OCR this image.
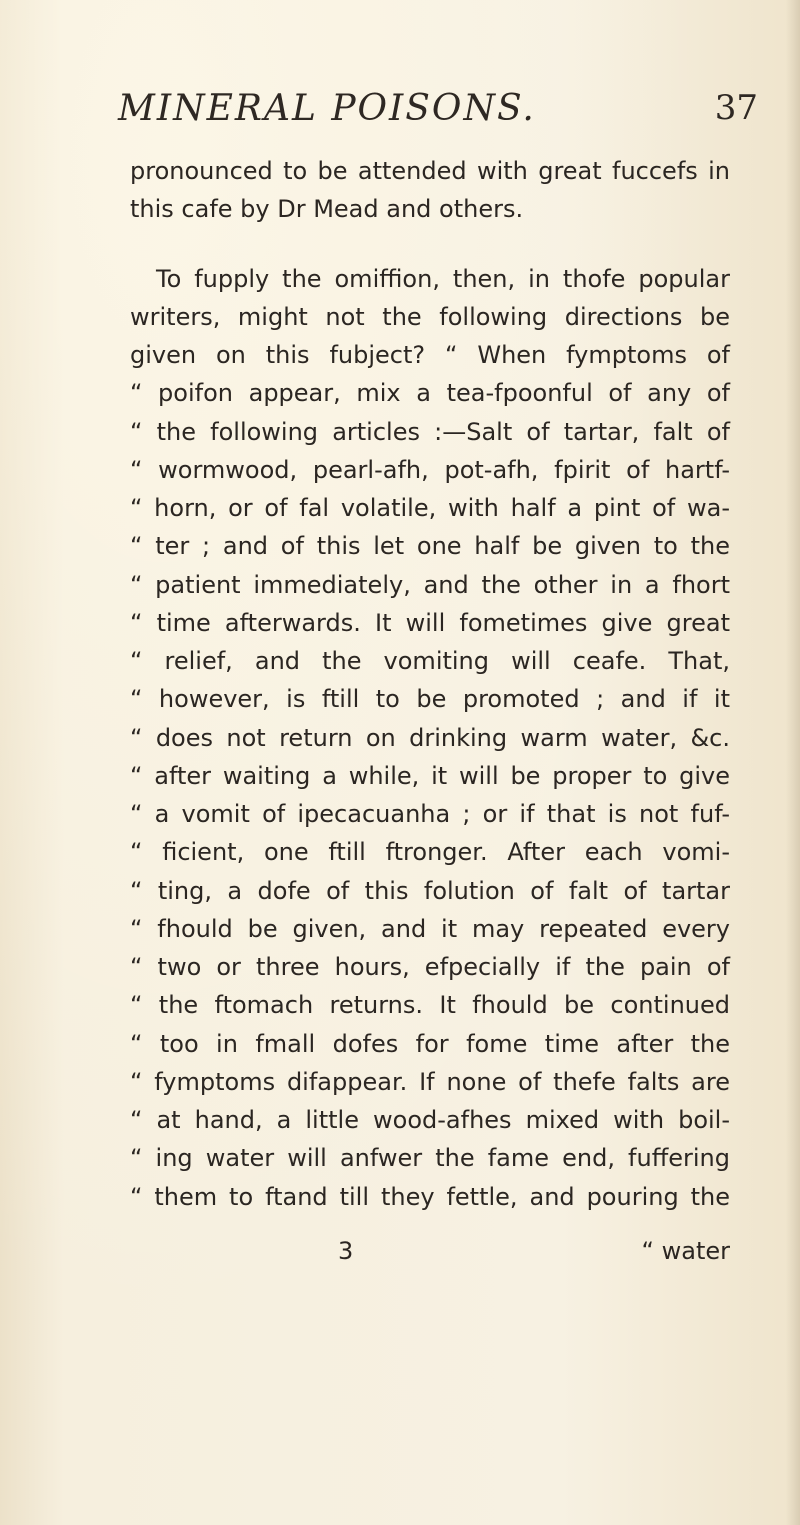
MINERAL POISONS.	37
pronounced to be attended with great fuccefs in
this cafe by Dr Mead and others.
To fupply the omiffion, then, in thofe popular
writers, might not the following directions be
given on this fubject? “ When fymptoms of
“ poifon appear, mix a tea-fpoonful of any of
“ the following articles :—Salt of tartar, falt of
“ wormwood, pearl-afh, pot-afh, fpirit of hartf-
“ horn, or of fal volatile, with half a pint of wa-
“ ter ; and of this let one half be given to the
“ patient immediately, and the other in a fhort
“ time afterwards. It will fometimes give great
“ relief, and the vomiting will ceafe. That,
“ however, is ftill to be promoted ; and if it
“ does not return on drinking warm water, &c.
“ after waiting a while, it will be proper to give
“ a vomit of ipecacuanha ; or if that is not fuf-
“ ficient, one ftill ftronger. After each vomi-
“ ting, a dofe of this folution of falt of tartar
“ fhould be given, and it may repeated every
“ two or three hours, efpecially if the pain of
“ the ftomach returns. It fhould be continued
“ too in fmall dofes for fome time after the
“ fymptoms difappear. If none of thefe falts are
“ at hand, a little wood-afhes mixed with boil-
“ ing water will anfwer the fame end, fuffering
“ them to ftand till they fettle, and pouring the
3	“ water
